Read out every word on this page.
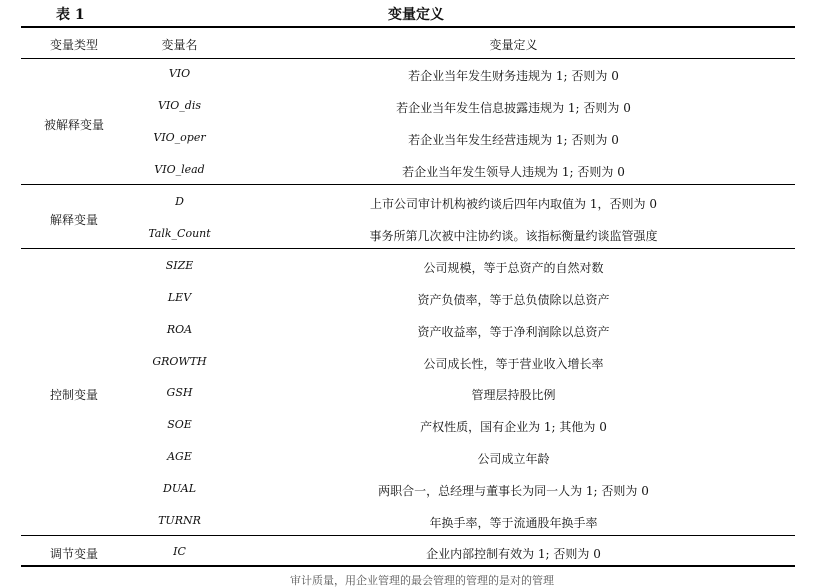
表 1	变量定义
变量类型	变量名	变量定义
被解释变量
VIO	若企业当年发生财务违规为 1; 否则为 0
VIO_dis	若企业当年发生信息披露违规为 1; 否则为 0
VIO_oper	若企业当年发生经营违规为 1; 否则为 0
VIO_lead	若企业当年发生领导人违规为 1; 否则为 0
解释变量
D	上市公司审计机构被约谈后四年内取值为 1，否则为 0
Talk_Count	事务所第几次被中注协约谈。该指标衡量约谈监管强度
控制变量
SIZE	公司规模，等于总资产的自然对数
LEV	资产负债率，等于总负债除以总资产
ROA	资产收益率，等于净利润除以总资产
GROWTH	公司成长性，等于营业收入增长率
GSH	管理层持股比例
SOE	产权性质，国有企业为 1; 其他为 0
AGE	公司成立年龄
DUAL	两职合一，总经理与董事长为同一人为 1; 否则为 0
TURNR	年换手率，等于流通股年换手率
调节变量	IC	企业内部控制有效为 1; 否则为 0
审计质量，用企业管理的最会管理的管理的是对的管理
